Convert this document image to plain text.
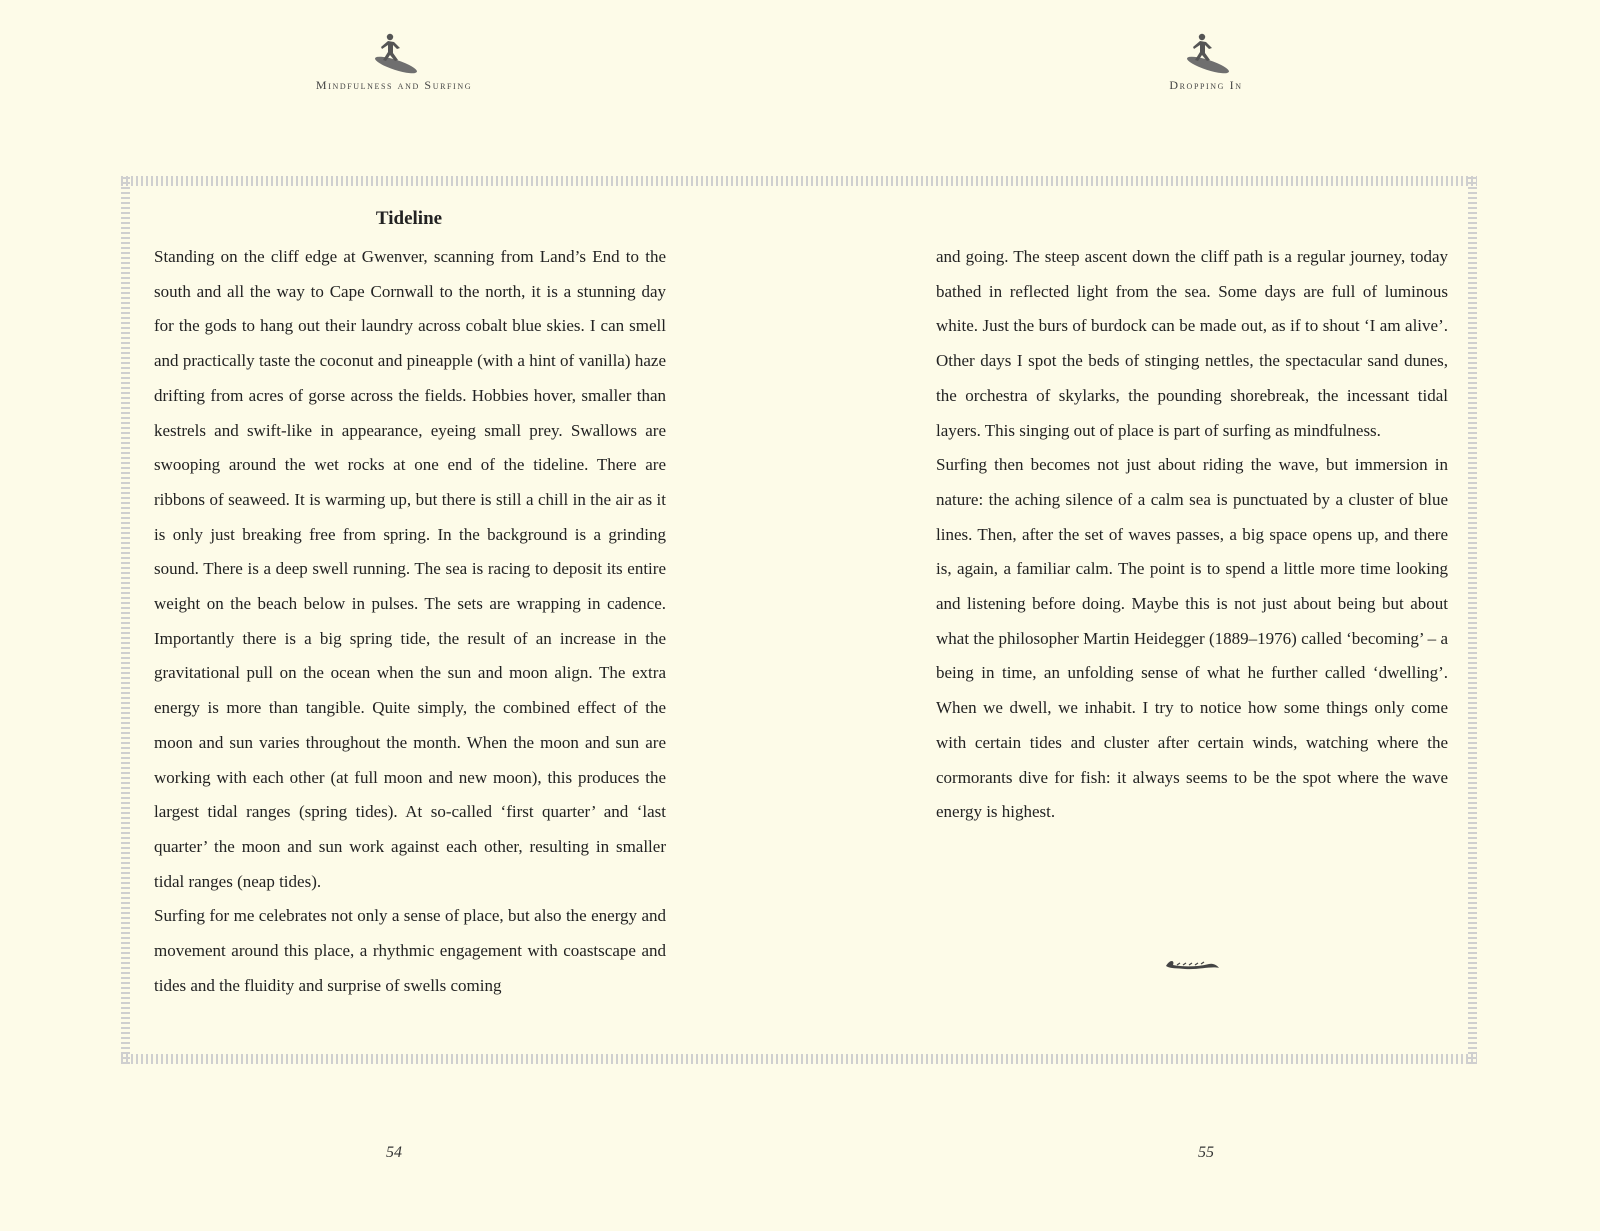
Mindfulness and Surfing	Dropping In
Tideline

Standing on the cliff edge at Gwenver, scanning from Land’s End to the south and all the way to Cape Cornwall to the north, it is a stunning day for the gods to hang out their laundry across cobalt blue skies. I can smell and practically taste the coconut and pineapple (with a hint of vanilla) haze drifting from acres of gorse across the fields. Hobbies hover, smaller than kestrels and swift-like in appearance, eyeing small prey. Swallows are swooping around the wet rocks at one end of the tideline. There are ribbons of seaweed. It is warming up, but there is still a chill in the air as it is only just breaking free from spring. In the background is a grinding sound. There is a deep swell running. The sea is racing to deposit its entire weight on the beach below in pulses. The sets are wrapping in cadence. Importantly there is a big spring tide, the result of an increase in the gravitational pull on the ocean when the sun and moon align. The extra energy is more than tangible. Quite simply, the combined effect of the moon and sun varies throughout the month. When the moon and sun are working with each other (at full moon and new moon), this produces the largest tidal ranges (spring tides). At so-called ‘first quarter’ and ‘last quarter’ the moon and sun work against each other, resulting in smaller tidal ranges (neap tides).

Surfing for me celebrates not only a sense of place, but also the energy and movement around this place, a rhythmic engagement with coastscape and tides and the fluidity and surprise of swells coming

and going. The steep ascent down the cliff path is a regular journey, today bathed in reflected light from the sea. Some days are full of luminous white. Just the burs of burdock can be made out, as if to shout ‘I am alive’. Other days I spot the beds of stinging nettles, the spectacular sand dunes, the orchestra of skylarks, the pounding shorebreak, the incessant tidal layers. This singing out of place is part of surfing as mindfulness.

Surfing then becomes not just about riding the wave, but immersion in nature: the aching silence of a calm sea is punctuated by a cluster of blue lines. Then, after the set of waves passes, a big space opens up, and there is, again, a familiar calm. The point is to spend a little more time looking and listening before doing. Maybe this is not just about being but about what the philosopher Martin Heidegger (1889–1976) called ‘becoming’ – a being in time, an unfolding sense of what he further called ‘dwelling’. When we dwell, we inhabit. I try to notice how some things only come with certain tides and cluster after certain winds, watching where the cormorants dive for fish: it always seems to be the spot where the wave energy is highest.

54	55
